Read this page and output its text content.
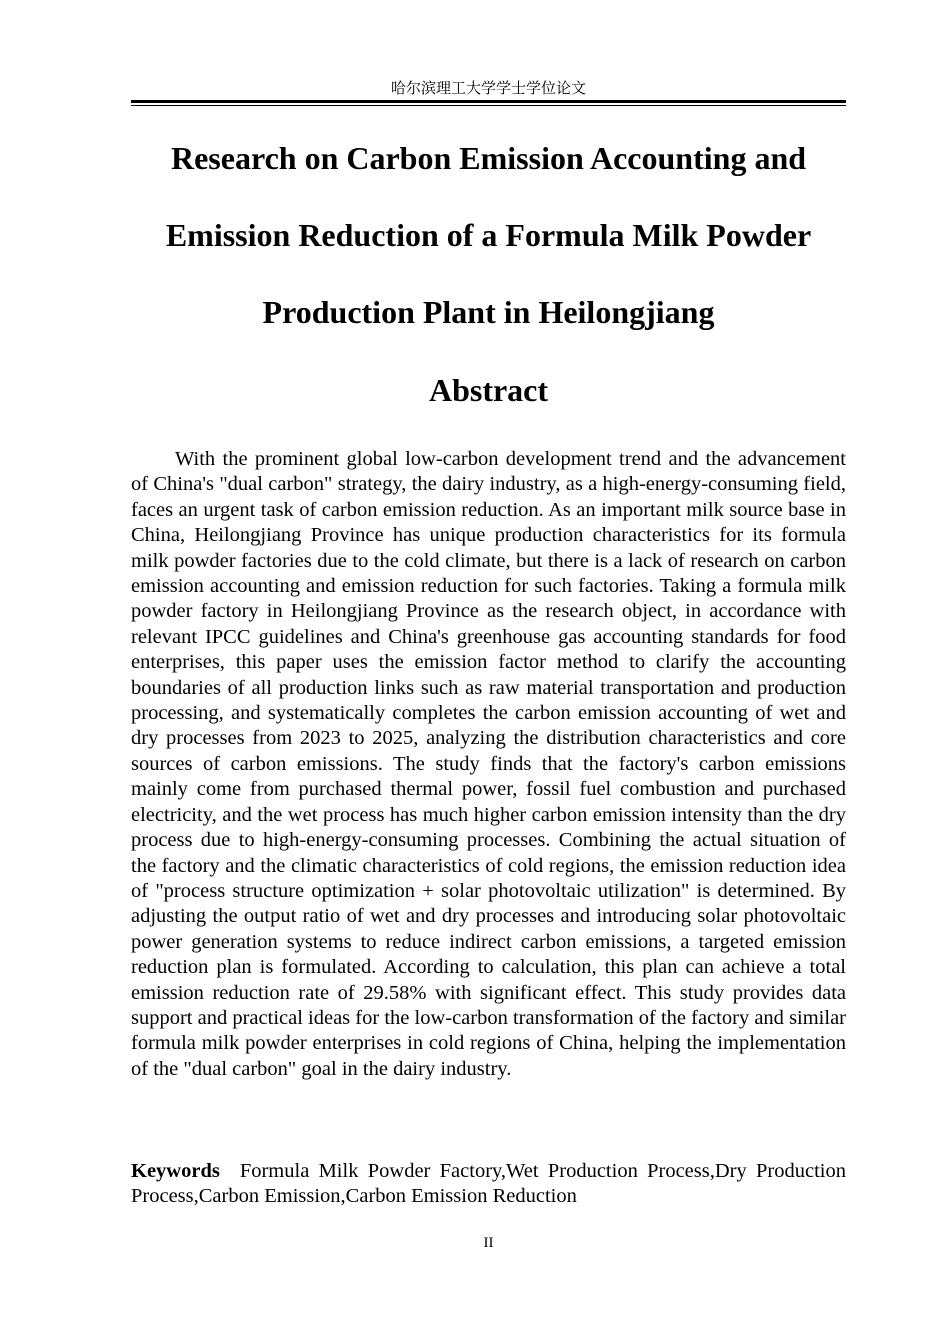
哈尔滨理工大学学士学位论文
Research on Carbon Emission Accounting and Emission Reduction of a Formula Milk Powder Production Plant in Heilongjiang
Abstract

With the prominent global low-carbon development trend and the advancement of China's "dual carbon" strategy, the dairy industry, as a high-energy-consuming field, faces an urgent task of carbon emission reduction. As an important milk source base in China, Heilongjiang Province has unique production characteristics for its formula milk powder factories due to the cold climate, but there is a lack of research on carbon emission accounting and emission reduction for such factories. Taking a formula milk powder factory in Heilongjiang Province as the research object, in accordance with relevant IPCC guidelines and China's greenhouse gas accounting standards for food enterprises, this paper uses the emission factor method to clarify the accounting boundaries of all production links such as raw material transportation and production processing, and systematically completes the carbon emission accounting of wet and dry processes from 2023 to 2025, analyzing the distribution characteristics and core sources of carbon emissions. The study finds that the factory's carbon emissions mainly come from purchased thermal power, fossil fuel combustion and purchased electricity, and the wet process has much higher carbon emission intensity than the dry process due to high-energy-consuming processes. Combining the actual situation of the factory and the climatic characteristics of cold regions, the emission reduction idea of "process structure optimization + solar photovoltaic utilization" is determined. By adjusting the output ratio of wet and dry processes and introducing solar photovoltaic power generation systems to reduce indirect carbon emissions, a targeted emission reduction plan is formulated. According to calculation, this plan can achieve a total emission reduction rate of 29.58% with significant effect. This study provides data support and practical ideas for the low-carbon transformation of the factory and similar formula milk powder enterprises in cold regions of China, helping the implementation of the "dual carbon" goal in the dairy industry.

Keywords Formula Milk Powder Factory,Wet Production Process,Dry Production Process,Carbon Emission,Carbon Emission Reduction

II
